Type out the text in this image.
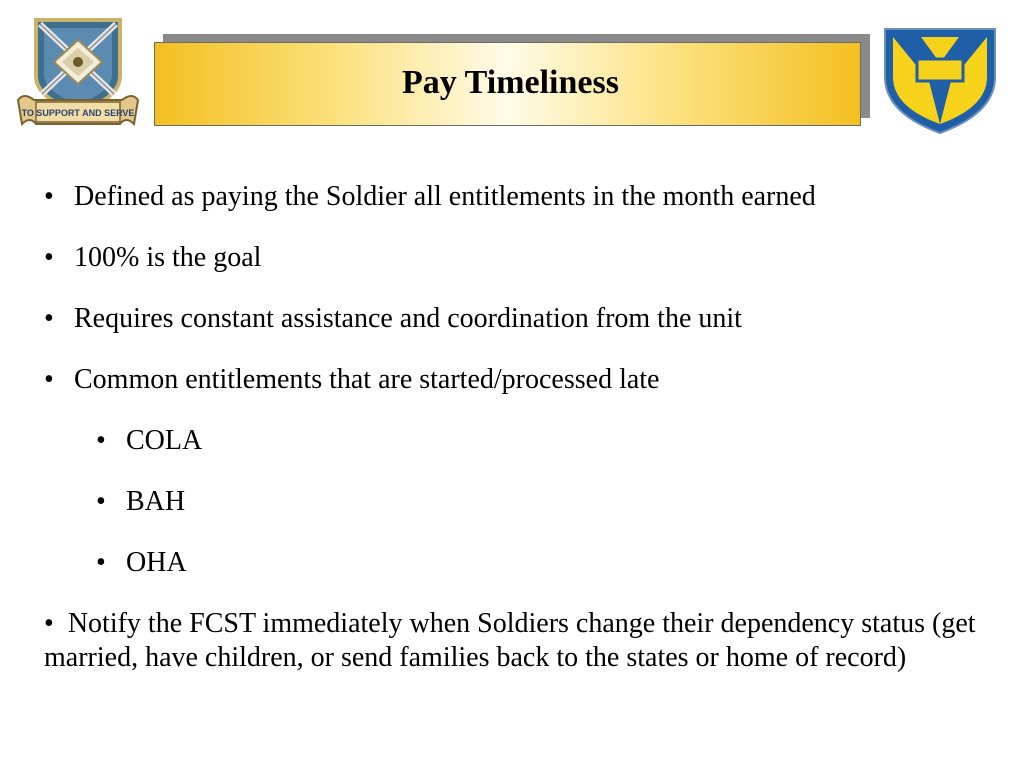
TO SUPPORT AND SERVE
Pay Timeliness
• Defined as paying the Soldier all entitlements in the month earned
• 100% is the goal
• Requires constant assistance and coordination from the unit
• Common entitlements that are started/processed late
• COLA
• BAH
• OHA
• Notify the FCST immediately when Soldiers change their dependency status (get married, have children, or send families back to the states or home of record)
